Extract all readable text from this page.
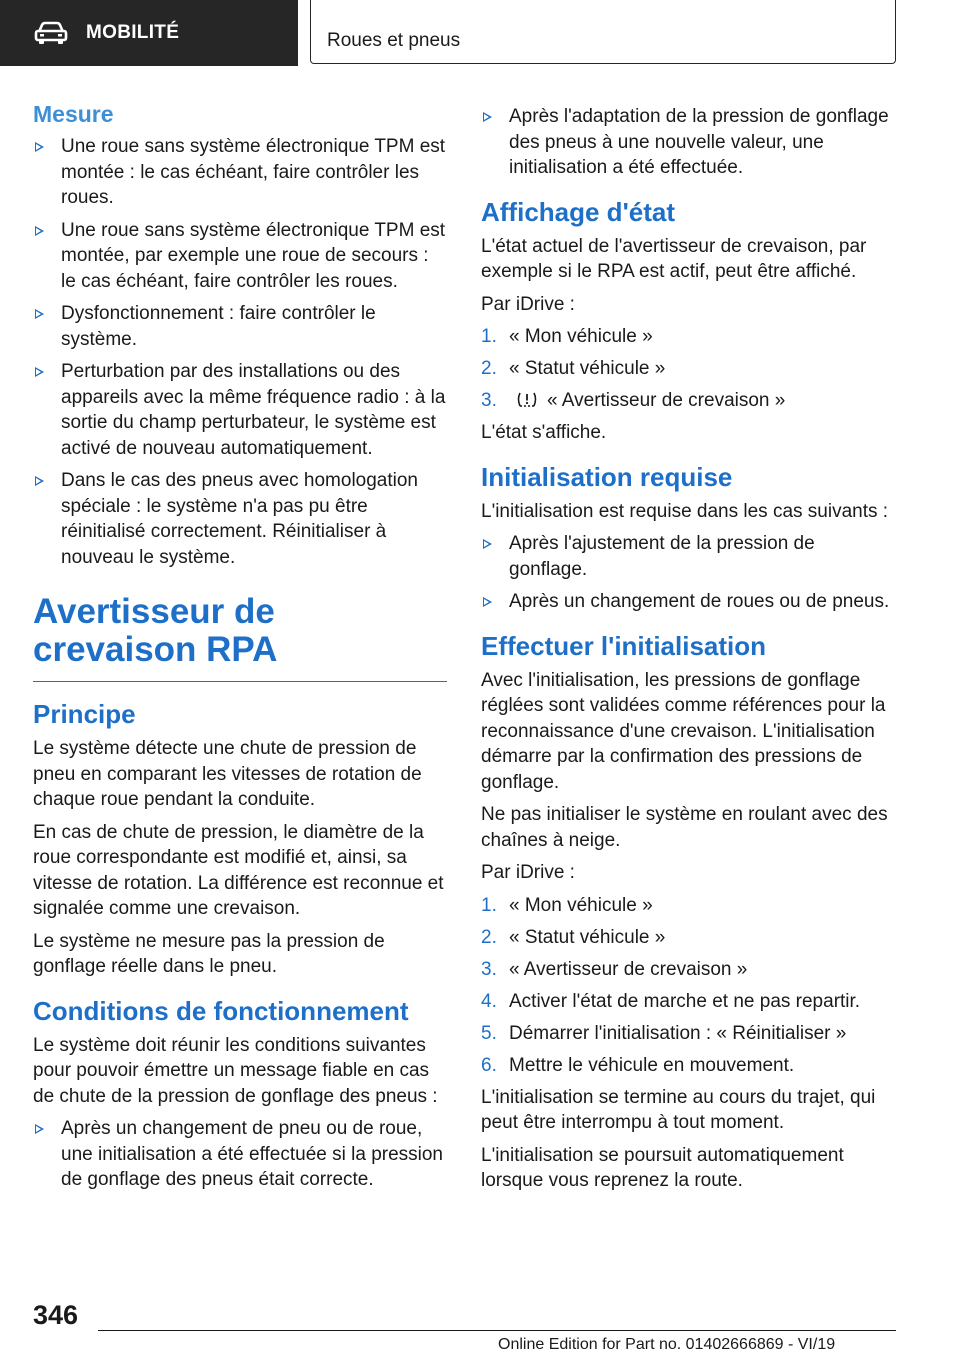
MOBILITÉ	Roues et pneus
Mesure
Une roue sans système électronique TPM est montée : le cas échéant, faire contrôler les roues.
Une roue sans système électronique TPM est montée, par exemple une roue de secours : le cas échéant, faire contrôler les roues.
Dysfonctionnement : faire contrôler le système.
Perturbation par des installations ou des appareils avec la même fréquence radio : à la sortie du champ perturbateur, le système est activé de nouveau automatiquement.
Dans le cas des pneus avec homologation spéciale : le système n'a pas pu être réinitialisé correctement. Réinitialiser à nouveau le système.
Avertisseur de crevaison RPA
Principe

Le système détecte une chute de pression de pneu en comparant les vitesses de rotation de chaque roue pendant la conduite.

En cas de chute de pression, le diamètre de la roue correspondante est modifié et, ainsi, sa vitesse de rotation. La différence est reconnue et signalée comme une crevaison.

Le système ne mesure pas la pression de gonflage réelle dans le pneu.

Conditions de fonctionnement

Le système doit réunir les conditions suivantes pour pouvoir émettre un message fiable en cas de chute de la pression de gonflage des pneus :

Après un changement de pneu ou de roue, une initialisation a été effectuée si la pression de gonflage des pneus était correcte.
Après l'adaptation de la pression de gonflage des pneus à une nouvelle valeur, une initialisation a été effectuée.
Affichage d'état

L'état actuel de l'avertisseur de crevaison, par exemple si le RPA est actif, peut être affiché.

Par iDrive :

1. « Mon véhicule »
2. « Statut véhicule »
3.	« Avertisseur de crevaison »

L'état s'affiche.

Initialisation requise

L'initialisation est requise dans les cas suivants :

Après l'ajustement de la pression de gonflage.
Après un changement de roues ou de pneus.
Effectuer l'initialisation

Avec l'initialisation, les pressions de gonflage réglées sont validées comme références pour la reconnaissance d'une crevaison. L'initialisation démarre par la confirmation des pressions de gonflage.

Ne pas initialiser le système en roulant avec des chaînes à neige.

Par iDrive :

1. « Mon véhicule »
2. « Statut véhicule »
3. « Avertisseur de crevaison »
4. Activer l'état de marche et ne pas repartir.
5. Démarrer l'initialisation : « Réinitialiser »
6. Mettre le véhicule en mouvement.

L'initialisation se termine au cours du trajet, qui peut être interrompu à tout moment.

L'initialisation se poursuit automatiquement lorsque vous reprenez la route.

346
Online Edition for Part no. 01402666869 - VI/19
